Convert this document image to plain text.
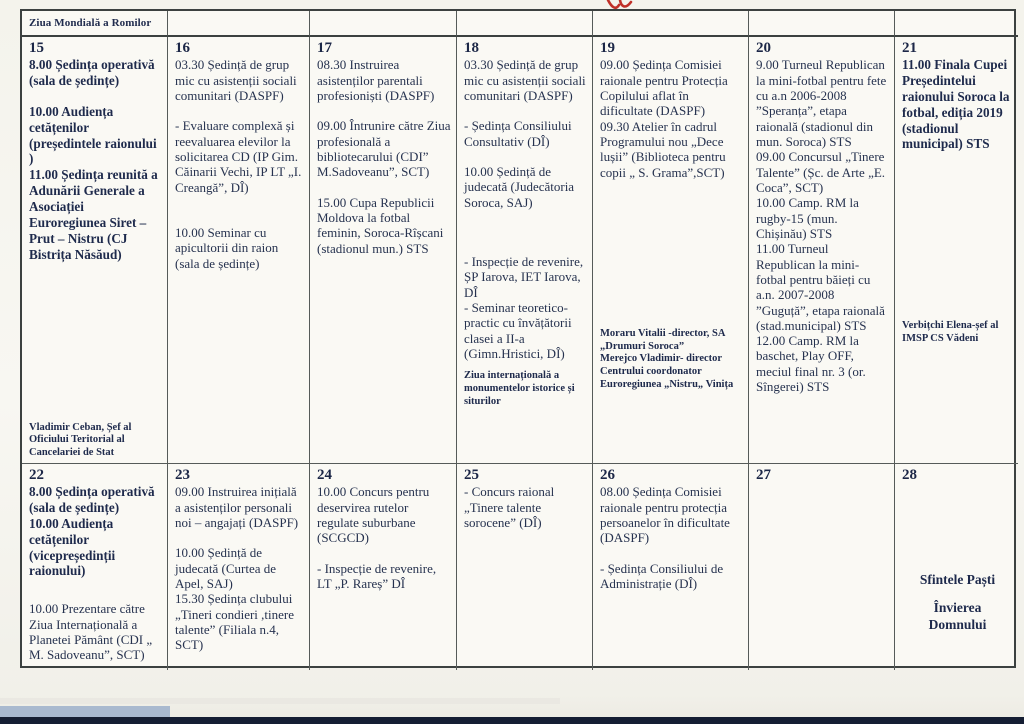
Ziua Mondială a Romilor
15
8.00 Ședința operativă (sala de ședințe)
10.00 Audiența cetățenilor (președintele raionului )
11.00 Ședința reunită a Adunării Generale a Asociației Euroregiunea Siret –Prut – Nistru (CJ Bistrița Năsăud)
Vladimir Ceban, Șef al Oficiului Teritorial al Cancelariei de Stat
16
03.30 Ședință de grup mic cu asistenții sociali comunitari (DASPF)
- Evaluare complexă și reevaluarea elevilor la solicitarea CD (IP Gim. Căinarii Vechi, IP LT „I. Creangă”, DÎ)
10.00 Seminar cu apicultorii din raion (sala de ședințe)
17
08.30 Instruirea asistenților parentali profesioniști (DASPF)
09.00 Întrunire către Ziua profesională a bibliotecarului (CDI” M.Sadoveanu”, SCT)
15.00 Cupa Republicii Moldova la fotbal feminin, Soroca-Rîșcani (stadionul mun.) STS
18
03.30 Ședință de grup mic cu asistenții sociali comunitari (DASPF)
- Ședința Consiliului Consultativ (DÎ)
10.00 Ședință de judecată (Judecătoria Soroca, SAJ)
- Inspecție de revenire, ȘP Iarova, IET Iarova, DÎ
- Seminar teoretico-practic cu învățătorii clasei a II-a (Gimn.Hristici, DÎ)
Ziua internațională a monumentelor istorice și siturilor
19
09.00 Ședința Comisiei raionale pentru Protecția Copilului aflat în dificultate (DASPF)
09.30 Atelier în cadrul Programului nou „Dece lușii” (Biblioteca pentru copii „ S. Grama”,SCT)
Moraru Vitalii -director, SA „Drumuri Soroca”
Merejco Vladimir- director Centrului coordonator Euroregiunea „Nistru„ Vinița
20
9.00 Turneul Republican la mini-fotbal pentru fete cu a.n 2006-2008 ”Speranța”, etapa raională (stadionul din mun. Soroca) STS
09.00 Concursul „Tinere Talente” (Șc. de Arte „E. Coca”, SCT)
10.00 Camp. RM la rugby-15 (mun. Chișinău) STS
11.00 Turneul Republican la mini-fotbal pentru băieți cu a.n. 2007-2008 ”Guguță”, etapa raională (stad.municipal) STS
12.00 Camp. RM la baschet, Play OFF, meciul final nr. 3 (or. Sîngerei) STS
21
11.00 Finala Cupei Președintelui raionului Soroca la fotbal, ediția 2019 (stadionul municipal) STS
Verbițchi Elena-șef al IMSP CS Vădeni
22
8.00 Ședința operativă (sala de ședințe)
10.00 Audiența cetățenilor (vicepreședinții raionului)
10.00 Prezentare către Ziua Internațională a Planetei Pământ (CDI „ M. Sadoveanu”, SCT)
23
09.00 Instruirea inițială a asistenților personali noi – angajați (DASPF)
10.00 Ședință de judecată (Curtea de Apel, SAJ)
15.30 Ședința clubului „Tineri condieri ,tinere talente” (Filiala n.4, SCT)
24
10.00 Concurs pentru deservirea rutelor regulate suburbane (SCGCD)
- Inspecție de revenire, LT „P. Rareș” DÎ
25
- Concurs raional „Tinere talente sorocene” (DÎ)
26
08.00 Ședința Comisiei raionale pentru protecția persoanelor în dificultate (DASPF)
- Ședința Consiliului de Administrație (DÎ)
27	28
Sfintele Paști
Învierea Domnului
